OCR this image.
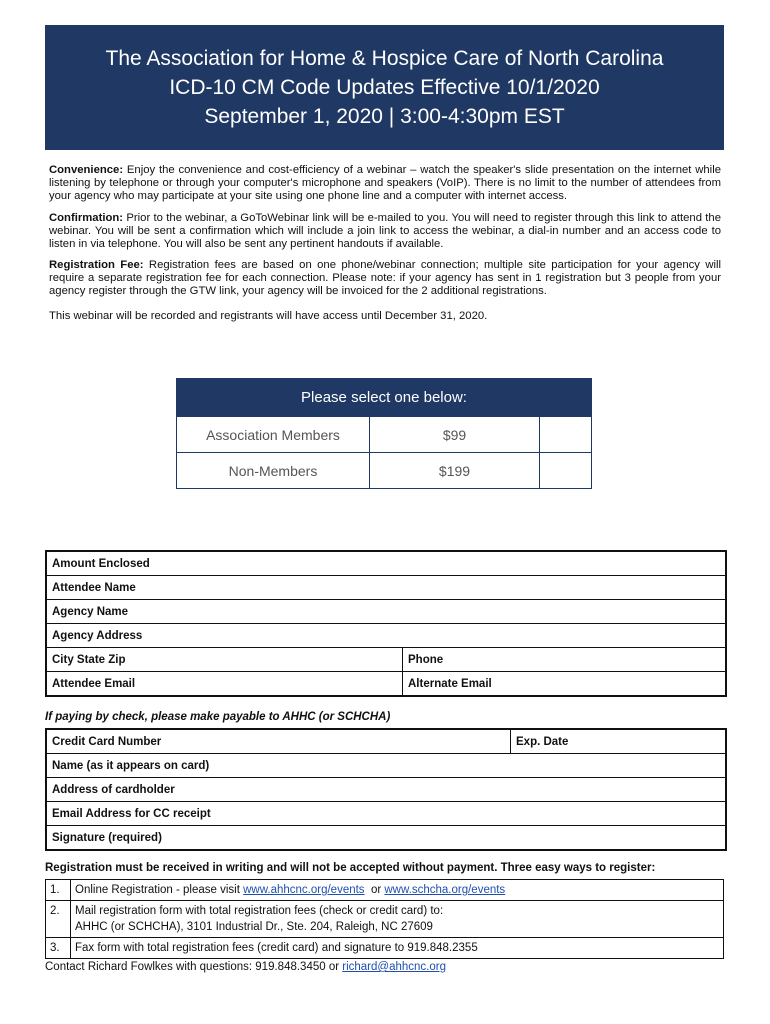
The Association for Home & Hospice Care of North Carolina
ICD-10 CM Code Updates Effective 10/1/2020
September 1, 2020 | 3:00-4:30pm EST

Convenience: Enjoy the convenience and cost-efficiency of a webinar – watch the speaker's slide presentation on the internet while listening by telephone or through your computer's microphone and speakers (VoIP). There is no limit to the number of attendees from your agency who may participate at your site using one phone line and a computer with internet access.

Confirmation: Prior to the webinar, a GoToWebinar link will be e-mailed to you. You will need to register through this link to attend the webinar. You will be sent a confirmation which will include a join link to access the webinar, a dial-in number and an access code to listen in via telephone. You will also be sent any pertinent handouts if available.

Registration Fee: Registration fees are based on one phone/webinar connection; multiple site participation for your agency will require a separate registration fee for each connection. Please note: if your agency has sent in 1 registration but 3 people from your agency register through the GTW link, your agency will be invoiced for the 2 additional registrations.

This webinar will be recorded and registrants will have access until December 31, 2020.

Please select one below:		
Association Members	$99	
Non-Members	$199	
Amount Enclosed	
Attendee Name	
Agency Name	
Agency Address	
City State Zip	Phone
Attendee Email	Alternate Email
If paying by check, please make payable to AHHC (or SCHCHA)
Credit Card Number	Exp. Date
Name (as it appears on card)
Address of cardholder
Email Address for CC receipt
Signature (required)
Registration must be received in writing and will not be accepted without payment. Three easy ways to register:
1.	Online Registration - please visit www.ahhcnc.org/events  or www.schcha.org/events
2.	Mail registration form with total registration fees (check or credit card) to:
AHHC (or SCHCHA), 3101 Industrial Dr., Ste. 204, Raleigh, NC 27609

3.	Fax form with total registration fees (credit card) and signature to 919.848.2355
Contact Richard Fowlkes with questions: 919.848.3450 or richard@ahhcnc.org
